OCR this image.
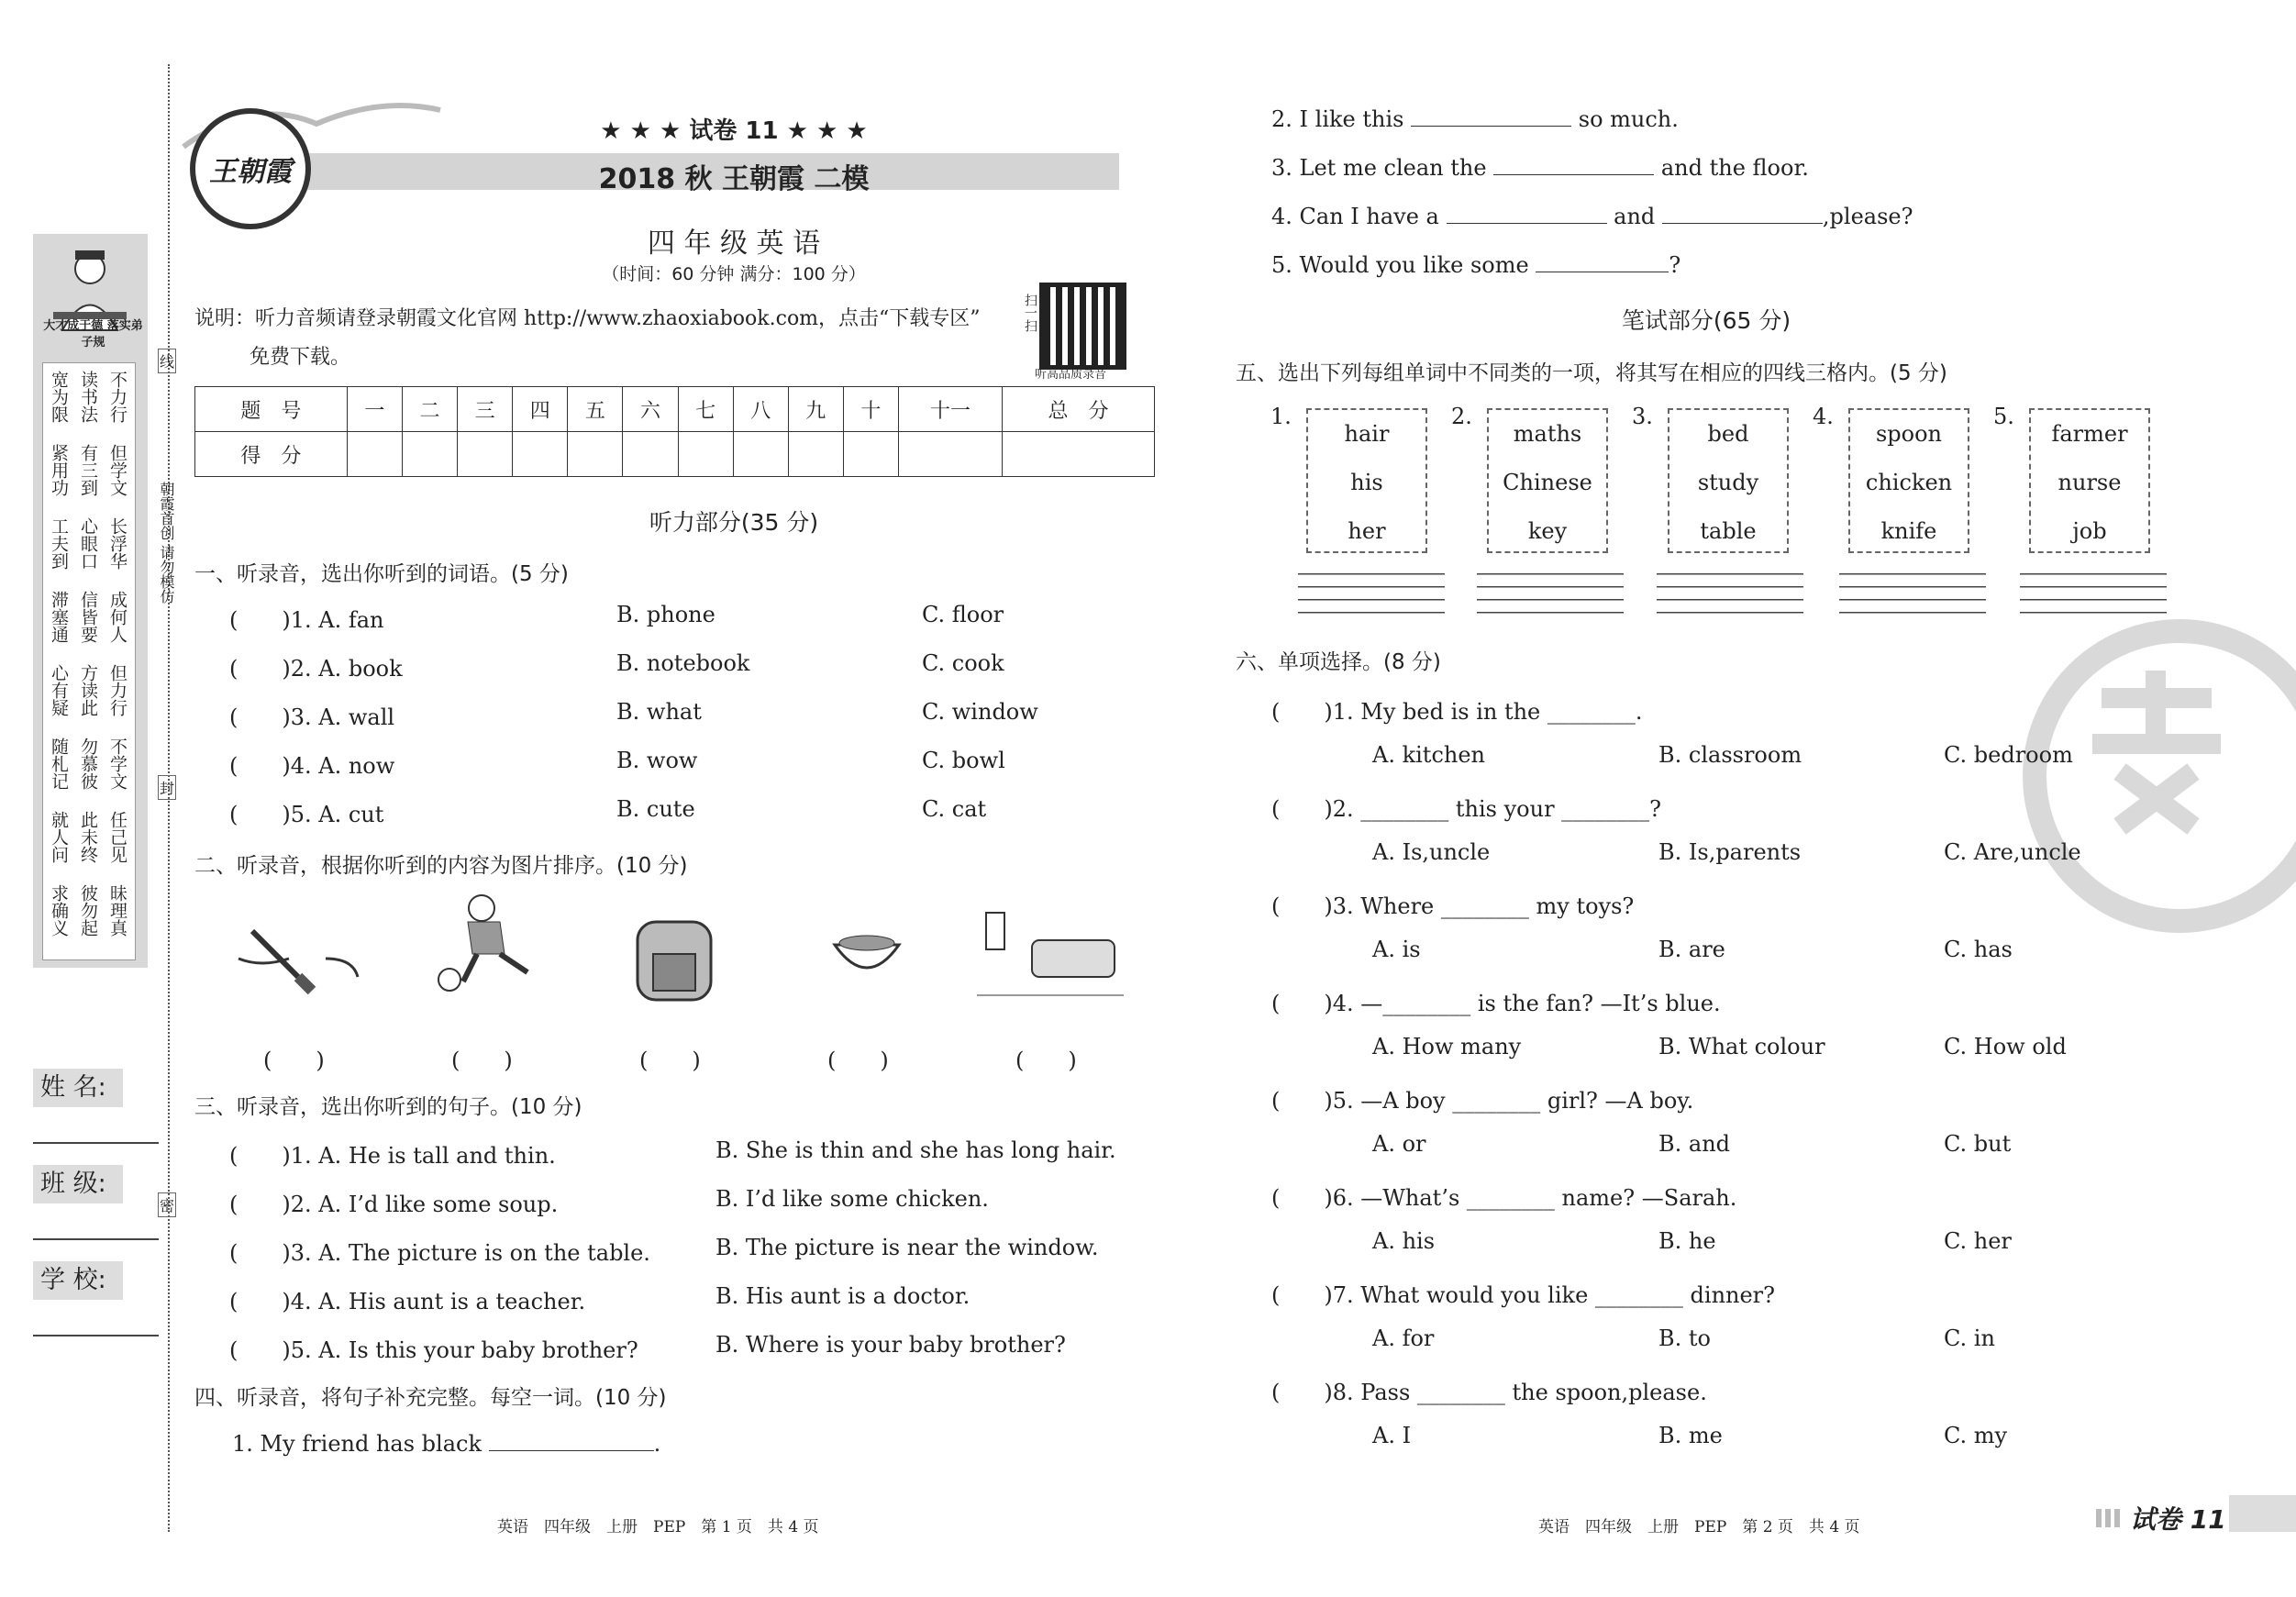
大才成于德 落实弟子规
宽为限 读书法 不力行
紧用功 有三到 但学文
工夫到 心眼口 长浮华
滞塞通 信皆要 成何人
心有疑 方读此 但力行
随札记 勿慕彼 不学文
就人问 此未终 任己见
求确义 彼勿起 昧理真
朝霞首创 请勿模仿
线
封
密
姓 名:
班 级:
学 校:
王朝霞
★ ★ ★ 试卷 11 ★ ★ ★
2018 秋 王朝霞 二模
四 年 级 英 语
（时间：60 分钟 满分：100 分）
说明：听力音频请登录朝霞文化官网 http://www.zhaoxiabook.com，点击“下载专区”
免费下载。
扫一扫
听高品质录音
题　号	一	二	三	四	五	六	七	八	九	十	十一	总　分
得　分												
听力部分(35 分)
一、听录音，选出你听到的词语。(5 分)
(　　)1. A. fan	B. phone	C. floor
(　　)2. A. book	B. notebook	C. cook
(　　)3. A. wall	B. what	C. window
(　　)4. A. now	B. wow	C. bowl
(　　)5. A. cut	B. cute	C. cat
二、听录音，根据你听到的内容为图片排序。(10 分)
(　　)	(　　)	(　　)	(　　)	(　　)
三、听录音，选出你听到的句子。(10 分)
(　　)1. A. He is tall and thin.	B. She is thin and she has long hair.
(　　)2. A. I’d like some soup.	B. I’d like some chicken.
(　　)3. A. The picture is on the table.	B. The picture is near the window.
(　　)4. A. His aunt is a teacher.	B. His aunt is a doctor.
(　　)5. A. Is this your baby brother?	B. Where is your baby brother?
四、听录音，将句子补充完整。每空一词。(10 分)
1. My friend has black	.
2. I like this	so much.
3. Let me clean the	and the floor.
4. Can I have a	and	,please?
5. Would you like some	?
笔试部分(65 分)
五、选出下列每组单词中不同类的一项，将其写在相应的四线三格内。(5 分)
1.
hair
his
her
2.
maths
Chinese
key
3.
bed
study
table
4.
spoon
chicken
knife
5.
farmer
nurse
job
六、单项选择。(8 分)
(　　)1. My bed is in the ________.
A. kitchen	B. classroom	C. bedroom
(　　)2. ________ this your ________?
A. Is,uncle	B. Is,parents	C. Are,uncle
(　　)3. Where ________ my toys?
A. is	B. are	C. has
(　　)4. —________ is the fan? —It’s blue.
A. How many	B. What colour	C. How old
(　　)5. —A boy ________ girl? —A boy.
A. or	B. and	C. but
(　　)6. —What’s ________ name? —Sarah.
A. his	B. he	C. her
(　　)7. What would you like ________ dinner?
A. for	B. to	C. in
(　　)8. Pass ________ the spoon,please.
A. I	B. me	C. my
英语　四年级　上册　PEP　第 1 页　共 4 页	英语　四年级　上册　PEP　第 2 页　共 4 页	试卷 11
